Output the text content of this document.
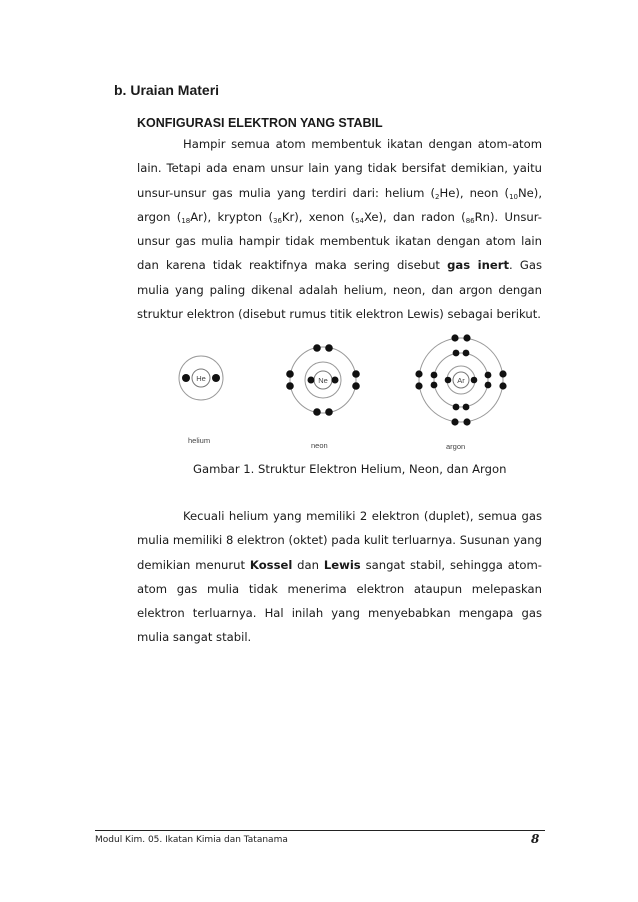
b. Uraian Materi
KONFIGURASI ELEKTRON YANG STABIL

Hampir semua atom membentuk ikatan dengan atom-atom lain. Tetapi ada enam unsur lain yang tidak bersifat demikian, yaitu unsur-unsur gas mulia yang terdiri dari: helium $(_2He)$, neon $(_{10}Ne)$, argon $(_{18}Ar)$, krypton $(_{36}Kr)$, xenon $(_{54}Xe)$, dan radon $(_{86}Rn)$. Unsur-unsur gas mulia hampir tidak membentuk ikatan dengan atom lain dan karena tidak reaktifnya maka sering disebut gas inert. Gas mulia yang paling dikenal adalah helium, neon, dan argon dengan struktur elektron (disebut rumus titik elektron Lewis) sebagai berikut.

He
helium
Ne
neon
Ar
argon
Gambar 1. Struktur Elektron Helium, Neon, dan Argon

Kecuali helium yang memiliki 2 elektron (duplet), semua gas mulia memiliki 8 elektron (oktet) pada kulit terluarnya. Susunan yang demikian menurut Kossel dan Lewis sangat stabil, sehingga atom-atom gas mulia tidak menerima elektron ataupun melepaskan elektron terluarnya. Hal inilah yang menyebabkan mengapa gas mulia sangat stabil.

Modul Kim. 05. Ikatan Kimia dan Tatanama	8
